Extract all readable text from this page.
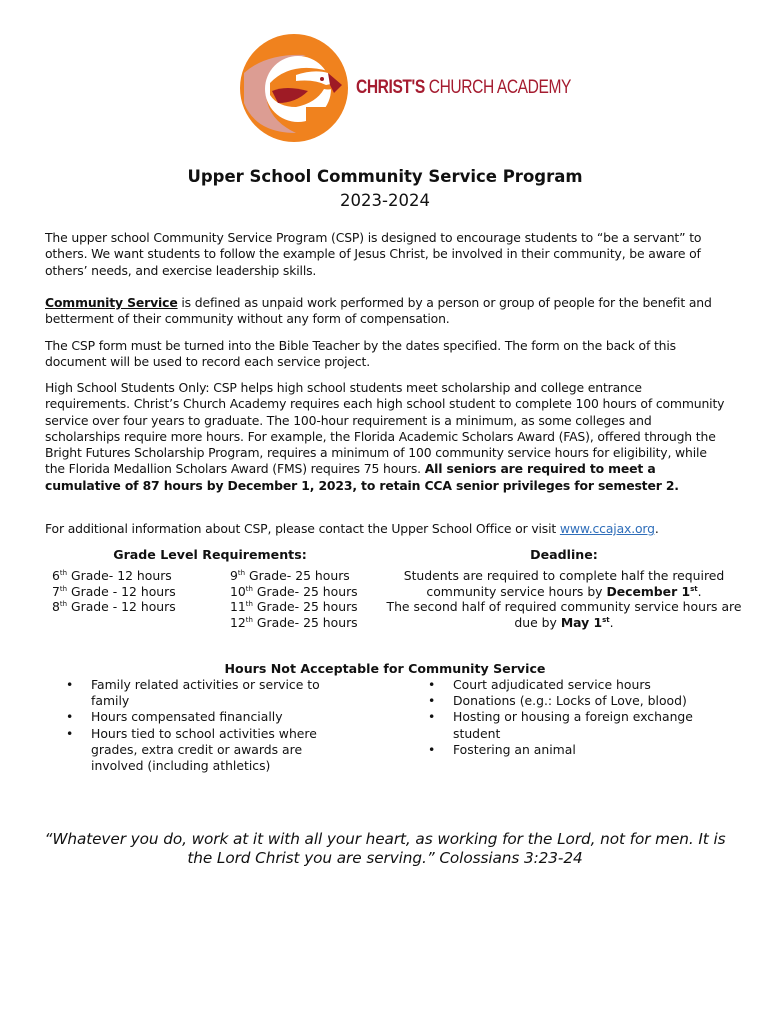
CHRIST'S CHURCH ACADEMY
Upper School Community Service Program
2023-2024
The upper school Community Service Program (CSP) is designed to encourage students to “be a servant” to others. We want students to follow the example of Jesus Christ, be involved in their community, be aware of others’ needs, and exercise leadership skills.
Community Service is defined as unpaid work performed by a person or group of people for the benefit and betterment of their community without any form of compensation.
The CSP form must be turned into the Bible Teacher by the dates specified. The form on the back of this document will be used to record each service project.
High School Students Only: CSP helps high school students meet scholarship and college entrance requirements. Christ’s Church Academy requires each high school student to complete 100 hours of community service over four years to graduate. The 100-hour requirement is a minimum, as some colleges and scholarships require more hours. For example, the Florida Academic Scholars Award (FAS), offered through the Bright Futures Scholarship Program, requires a minimum of 100 community service hours for eligibility, while the Florida Medallion Scholars Award (FMS) requires 75 hours. All seniors are required to meet a cumulative of 87 hours by December 1, 2023, to retain CCA senior privileges for semester 2.
For additional information about CSP, please contact the Upper School Office or visit www.ccajax.org.
Grade Level Requirements:
6th Grade- 12 hours
7th Grade - 12 hours
8th Grade - 12 hours
9th Grade- 25 hours
10th Grade- 25 hours
11th Grade- 25 hours
12th Grade- 25 hours
Deadline:
Students are required to complete half the required community service hours by December 1st.
The second half of required community service hours are due by May 1st.
Hours Not Acceptable for Community Service
• Family related activities or service to family
• Hours compensated financially
• Hours tied to school activities where grades, extra credit or awards are involved (including athletics)
• Court adjudicated service hours
• Donations (e.g.: Locks of Love, blood)
• Hosting or housing a foreign exchange student
• Fostering an animal
“Whatever you do, work at it with all your heart, as working for the Lord, not for men. It is the Lord Christ you are serving.” Colossians 3:23-24
